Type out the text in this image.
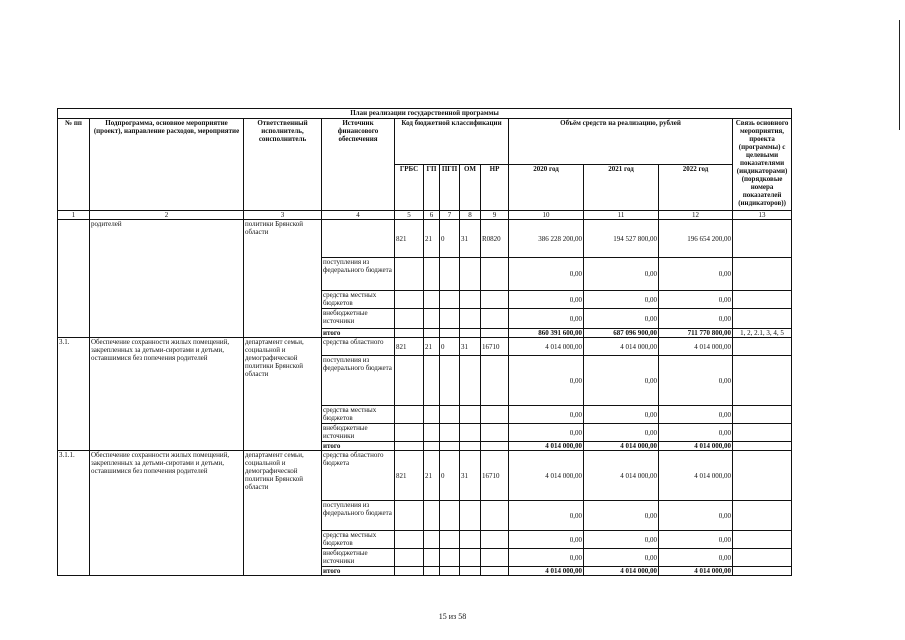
План реализации государственной программы												
№ пп	Подпрограмма, основное мероприятие (проект), направление расходов, мероприятие	Ответственный исполнитель, соисполнитель	Источник финансового обеспечения	Код бюджетной классификации					Объём средств на реализацию, рублей			Связь основного мероприятия, проекта (программы) с целевыми показателями (индикаторами) (порядковые номера показателей (индикаторов))
				ГРБС	ГП	ПГП	ОМ	НР	2020 год	2021 год	2022 год	
1	2	3	4	5	6	7	8	9	10	11	12	13
	родителей	политики Брянской области		821	21	0	31	R0820	386 228 200,00	194 527 800,00	196 654 200,00	
			поступления из федерального бюджета						0,00	0,00	0,00	
			средства местных бюджетов						0,00	0,00	0,00	
			внебюджетные источники						0,00	0,00	0,00	
			итого						860 391 600,00	687 096 900,00	711 770 800,00	1, 2, 2.1, 3, 4, 5
3.1.	Обеспечение сохранности жилых помещений, закрепленных за детьми-сиротами и детьми, оставшимися без попечения родителей	департамент семьи, социальной и демографической политики Брянской области	средства областного	821	21	0	31	16710	4 014 000,00	4 014 000,00	4 014 000,00	
			поступления из федерального бюджета						0,00	0,00	0,00	
			средства местных бюджетов						0,00	0,00	0,00	
			внебюджетные источники						0,00	0,00	0,00	
			итого						4 014 000,00	4 014 000,00	4 014 000,00	
3.1.1.	Обеспечение сохранности жилых помещений, закрепленных за детьми-сиротами и детьми, оставшимися без попечения родителей	департамент семьи, социальной и демографической политики Брянской области	средства областного бюджета	821	21	0	31	16710	4 014 000,00	4 014 000,00	4 014 000,00	
			поступления из федерального бюджета						0,00	0,00	0,00	
			средства местных бюджетов						0,00	0,00	0,00	
			внебюджетные источники						0,00	0,00	0,00	
			итого						4 014 000,00	4 014 000,00	4 014 000,00	
15 из 58
